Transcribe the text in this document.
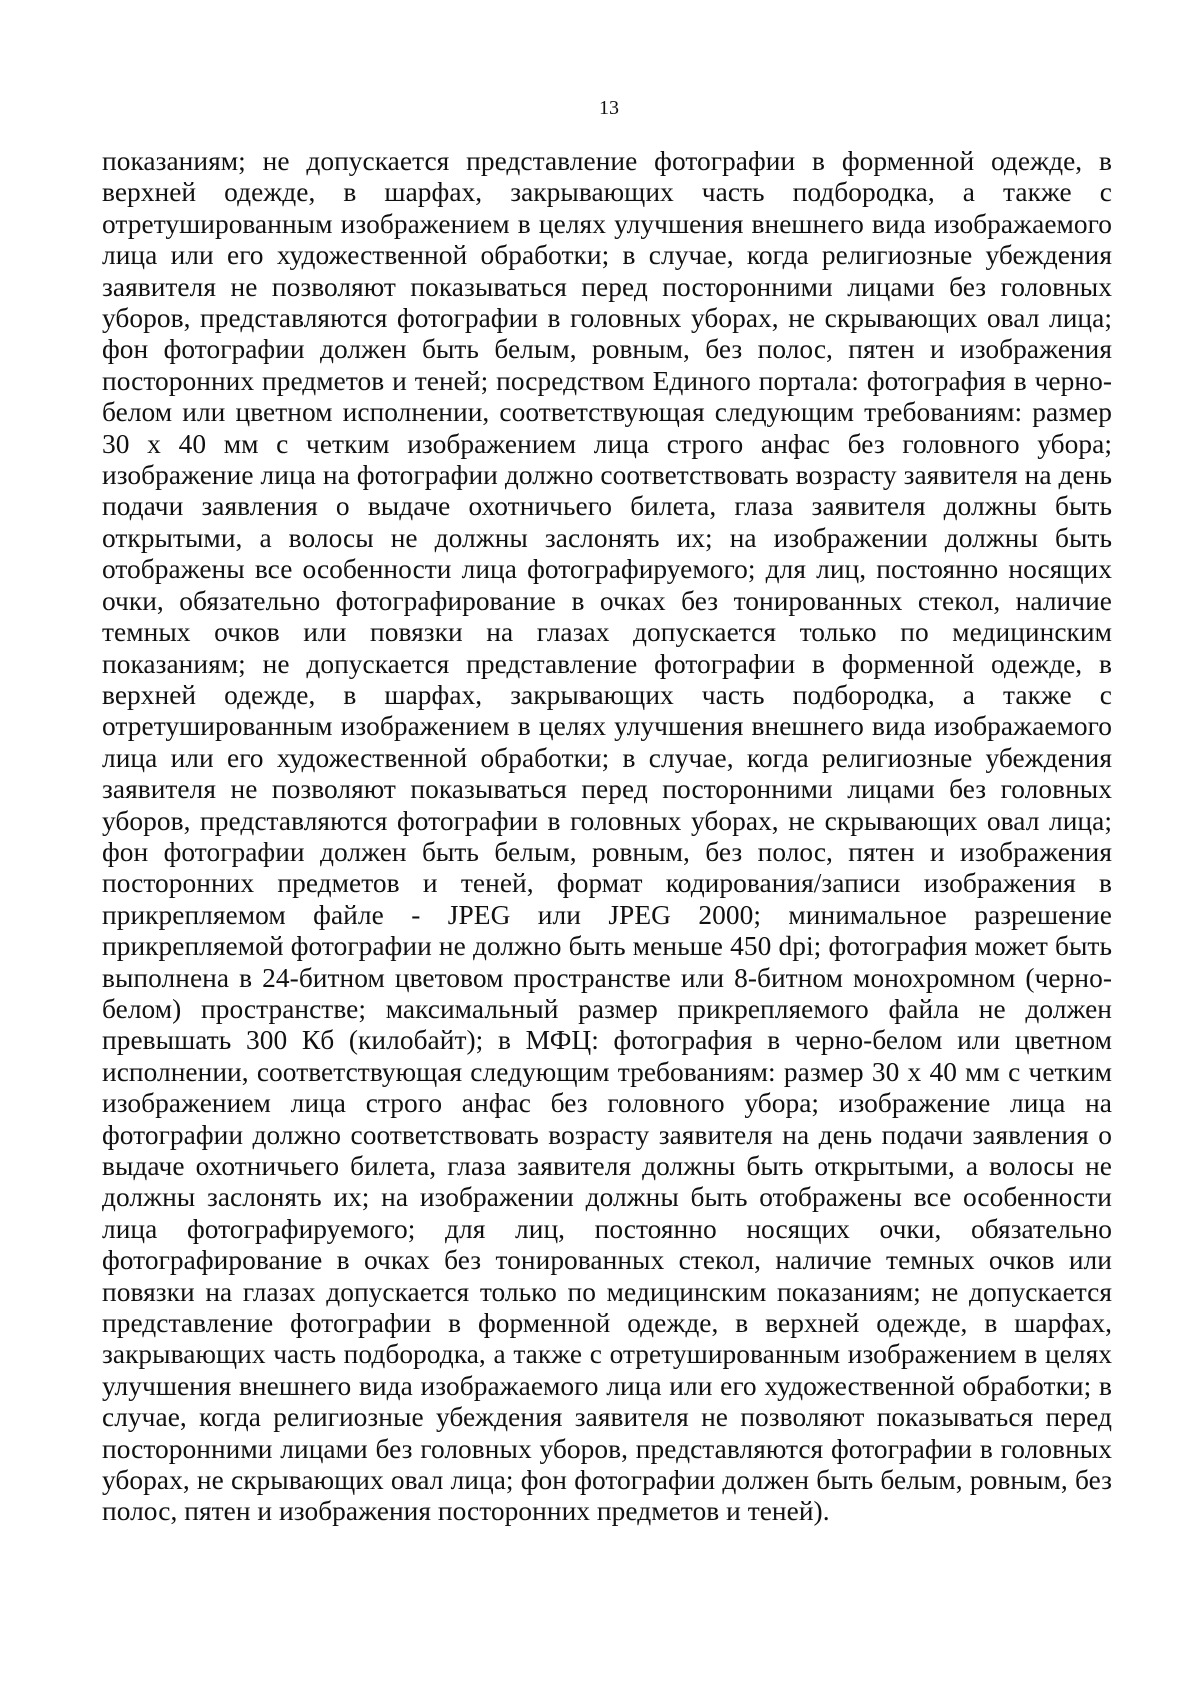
13

показаниям; не допускается представление фотографии в форменной одежде, в верхней одежде, в шарфах, закрывающих часть подбородка, а также с отретушированным изображением в целях улучшения внешнего вида изображаемого лица или его художественной обработки; в случае, когда религиозные убеждения заявителя не позволяют показываться перед посторонними лицами без головных уборов, представляются фотографии в головных уборах, не скрывающих овал лица; фон фотографии должен быть белым, ровным, без полос, пятен и изображения посторонних предметов и теней; посредством Единого портала: фотография в черно-белом или цветном исполнении, соответствующая следующим требованиям: размер 30 х 40 мм с четким изображением лица строго анфас без головного убора; изображение лица на фотографии должно соответствовать возрасту заявителя на день подачи заявления о выдаче охотничьего билета, глаза заявителя должны быть открытыми, а волосы не должны заслонять их; на изображении должны быть отображены все особенности лица фотографируемого; для лиц, постоянно носящих очки, обязательно фотографирование в очках без тонированных стекол, наличие темных очков или повязки на глазах допускается только по медицинским показаниям; не допускается представление фотографии в форменной одежде, в верхней одежде, в шарфах, закрывающих часть подбородка, а также с отретушированным изображением в целях улучшения внешнего вида изображаемого лица или его художественной обработки; в случае, когда религиозные убеждения заявителя не позволяют показываться перед посторонними лицами без головных уборов, представляются фотографии в головных уборах, не скрывающих овал лица; фон фотографии должен быть белым, ровным, без полос, пятен и изображения посторонних предметов и теней, формат кодирования/записи изображения в прикрепляемом файле - JPEG или JPEG 2000; минимальное разрешение прикрепляемой фотографии не должно быть меньше 450 dpi; фотография может быть выполнена в 24-битном цветовом пространстве или 8-битном монохромном (черно-белом) пространстве; максимальный размер прикрепляемого файла не должен превышать 300 Кб (килобайт); в МФЦ: фотография в черно-белом или цветном исполнении, соответствующая следующим требованиям: размер 30 х 40 мм с четким изображением лица строго анфас без головного убора; изображение лица на фотографии должно соответствовать возрасту заявителя на день подачи заявления о выдаче охотничьего билета, глаза заявителя должны быть открытыми, а волосы не должны заслонять их; на изображении должны быть отображены все особенности лица фотографируемого; для лиц, постоянно носящих очки, обязательно фотографирование в очках без тонированных стекол, наличие темных очков или повязки на глазах допускается только по медицинским показаниям; не допускается представление фотографии в форменной одежде, в верхней одежде, в шарфах, закрывающих часть подбородка, а также с отретушированным изображением в целях улучшения внешнего вида изображаемого лица или его художественной обработки; в случае, когда религиозные убеждения заявителя не позволяют показываться перед посторонними лицами без головных уборов, представляются фотографии в головных уборах, не скрывающих овал лица; фон фотографии должен быть белым, ровным, без полос, пятен и изображения посторонних предметов и теней).
